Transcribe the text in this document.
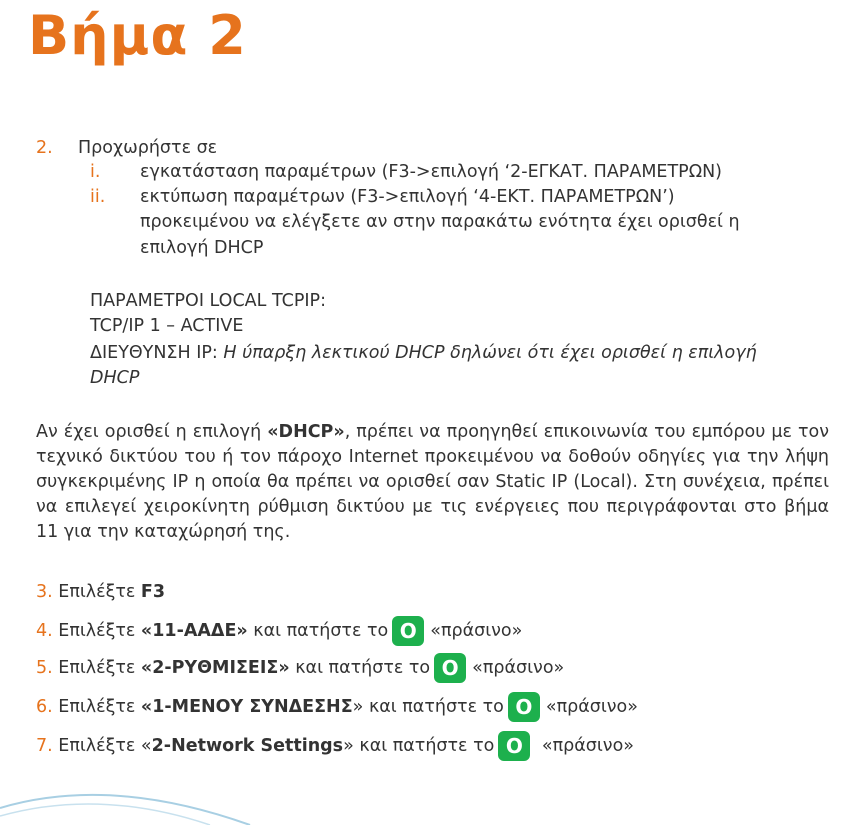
Βήμα 2
2. Προχωρήστε σε
i. εγκατάσταση παραμέτρων (F3->επιλογή ‘2-ΕΓΚΑΤ. ΠΑΡΑΜΕΤΡΩΝ)
ii. εκτύπωση παραμέτρων (F3->επιλογή ‘4-ΕΚΤ. ΠΑΡΑΜΕΤΡΩΝ’)
προκειμένου να ελέγξετε αν στην παρακάτω ενότητα έχει ορισθεί η
επιλογή DHCP
ΠΑΡΑΜΕΤΡΟΙ LOCAL TCPIP:
TCP/IP 1 – ACTIVE
ΔΙΕΥΘΥΝΣΗ IP: Η ύπαρξη λεκτικού DHCP δηλώνει ότι έχει ορισθεί η επιλογή
DHCP
Αν έχει ορισθεί η επιλογή «DHCP», πρέπει να προηγηθεί επικοινωνία του εμπόρου με τον τεχνικό δικτύου του ή τον πάροχο Internet προκειμένου να δοθούν οδηγίες για την λήψη συγκεκριμένης IP η οποία θα πρέπει να ορισθεί σαν Static IP (Local). Στη συνέχεια, πρέπει να επιλεγεί χειροκίνητη ρύθμιση δικτύου με τις ενέργειες που περιγράφονται στο βήμα 11 για την καταχώρησή της.
3. Επιλέξτε F3
4. Επιλέξτε «11-ΑΑΔΕ» και πατήστε το O «πράσινο»
5. Επιλέξτε «2-ΡΥΘΜΙΣΕΙΣ» και πατήστε το O «πράσινο»
6. Επιλέξτε «1-ΜΕΝΟΥ ΣΥΝΔΕΣΗΣ» και πατήστε το O «πράσινο»
7. Επιλέξτε «2-Network Settings» και πατήστε το O «πράσινο»
